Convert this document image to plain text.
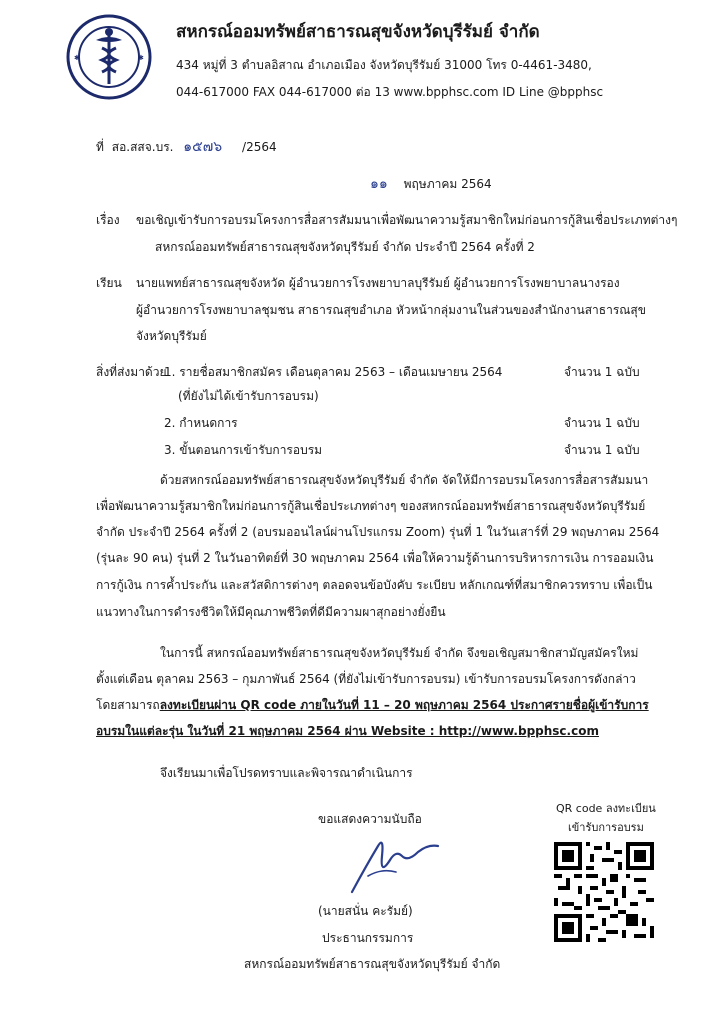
✱	✱
สหกรณ์ออมทรัพย์สาธารณสุขจังหวัดบุรีรัมย์ จำกัด
434 หมู่ที่ 3 ตำบลอิสาณ อำเภอเมือง จังหวัดบุรีรัมย์ 31000 โทร 0-4461-3480,
044-617000 FAX 044-617000 ต่อ 13 www.bpphsc.com ID Line @bpphsc
ที่ สอ.สสจ.บร. ๑๕๗๖ /2564
๑๑ พฤษภาคม 2564
เรื่อง ขอเชิญเข้ารับการอบรมโครงการสื่อสารสัมมนาเพื่อพัฒนาความรู้สมาชิกใหม่ก่อนการกู้สินเชื่อประเภทต่างๆ
สหกรณ์ออมทรัพย์สาธารณสุขจังหวัดบุรีรัมย์ จำกัด ประจำปี 2564 ครั้งที่ 2
เรียน นายแพทย์สาธารณสุขจังหวัด ผู้อำนวยการโรงพยาบาลบุรีรัมย์ ผู้อำนวยการโรงพยาบาลนางรอง
ผู้อำนวยการโรงพยาบาลชุมชน สาธารณสุขอำเภอ หัวหน้ากลุ่มงานในส่วนของสำนักงานสาธารณสุข
จังหวัดบุรีรัมย์
สิ่งที่ส่งมาด้วย
1. รายชื่อสมาชิกสมัคร เดือนตุลาคม 2563 – เดือนเมษายน 2564	จำนวน 1 ฉบับ
(ที่ยังไม่ได้เข้ารับการอบรม)
2. กำหนดการ	จำนวน 1 ฉบับ
3. ขั้นตอนการเข้ารับการอบรม	จำนวน 1 ฉบับ
ด้วยสหกรณ์ออมทรัพย์สาธารณสุขจังหวัดบุรีรัมย์ จำกัด จัดให้มีการอบรมโครงการสื่อสารสัมมนา
เพื่อพัฒนาความรู้สมาชิกใหม่ก่อนการกู้สินเชื่อประเภทต่างๆ ของสหกรณ์ออมทรัพย์สาธารณสุขจังหวัดบุรีรัมย์
จำกัด ประจำปี 2564 ครั้งที่ 2 (อบรมออนไลน์ผ่านโปรแกรม Zoom) รุ่นที่ 1 ในวันเสาร์ที่ 29 พฤษภาคม 2564
(รุ่นละ 90 คน) รุ่นที่ 2 ในวันอาทิตย์ที่ 30 พฤษภาคม 2564 เพื่อให้ความรู้ด้านการบริหารการเงิน การออมเงิน
การกู้เงิน การค้ำประกัน และสวัสดิการต่างๆ ตลอดจนข้อบังคับ ระเบียบ หลักเกณฑ์ที่สมาชิกควรทราบ เพื่อเป็น
แนวทางในการดำรงชีวิตให้มีคุณภาพชีวิตที่ดีมีความผาสุกอย่างยั่งยืน
ในการนี้ สหกรณ์ออมทรัพย์สาธารณสุขจังหวัดบุรีรัมย์ จำกัด จึงขอเชิญสมาชิกสามัญสมัครใหม่
ตั้งแต่เดือน ตุลาคม 2563 – กุมภาพันธ์ 2564 (ที่ยังไม่เข้ารับการอบรม) เข้ารับการอบรมโครงการดังกล่าว
โดยสามารถลงทะเบียนผ่าน QR code ภายในวันที่ 11 – 20 พฤษภาคม 2564 ประกาศรายชื่อผู้เข้ารับการ
อบรมในแต่ละรุ่น ในวันที่ 21 พฤษภาคม 2564 ผ่าน Website : http://www.bpphsc.com
จึงเรียนมาเพื่อโปรดทราบและพิจารณาดำเนินการ
ขอแสดงความนับถือ
(นายสนั่น คะรัมย์)
ประธานกรรมการ
สหกรณ์ออมทรัพย์สาธารณสุขจังหวัดบุรีรัมย์ จำกัด
QR code ลงทะเบียน
เข้ารับการอบรม
